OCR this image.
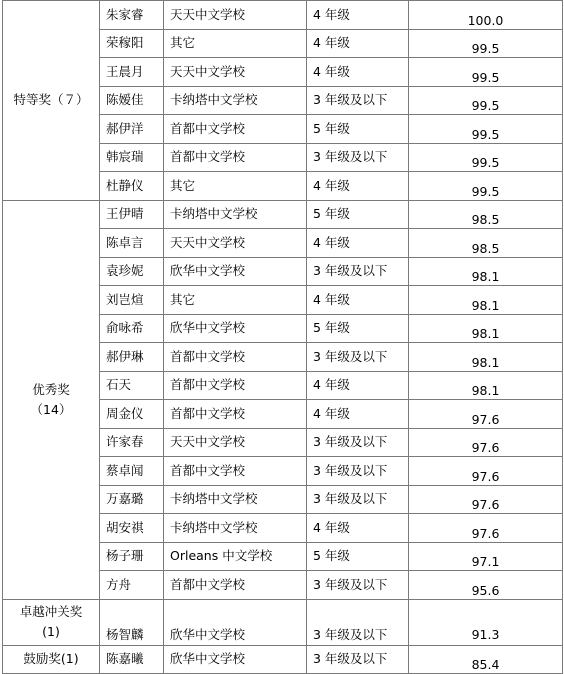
特等奖（７）	朱家睿	天天中文学校	4 年级	100.0
	荣稼阳	其它	4 年级	99.5
	王晨月	天天中文学校	4 年级	99.5
	陈嫒佳	卡纳塔中文学校	3 年级及以下	99.5
	郝伊洋	首都中文学校	5 年级	99.5
	韩宸瑞	首都中文学校	3 年级及以下	99.5
	杜静仪	其它	4 年级	99.5

优秀奖
（14）	王伊晴	卡纳塔中文学校	5 年级	98.5
	陈卓言	天天中文学校	4 年级	98.5
	袁珍妮	欣华中文学校	3 年级及以下	98.1
	刘岂煊	其它	4 年级	98.1
	俞咏希	欣华中文学校	5 年级	98.1
	郝伊琳	首都中文学校	3 年级及以下	98.1
	石天	首都中文学校	4 年级	98.1
	周金仪	首都中文学校	4 年级	97.6
	许家春	天天中文学校	3 年级及以下	97.6
	蔡卓闻	首都中文学校	3 年级及以下	97.6
	万嘉璐	卡纳塔中文学校	3 年级及以下	97.6
	胡安祺	卡纳塔中文学校	4 年级	97.6
	杨子珊	Orleans 中文学校	5 年级	97.1
	方舟	首都中文学校	3 年级及以下	95.6

卓越冲关奖
(1)	杨智麟	欣华中文学校	3 年级及以下	91.3
鼓励奖(1)	陈嘉曦	欣华中文学校	3 年级及以下	85.4
